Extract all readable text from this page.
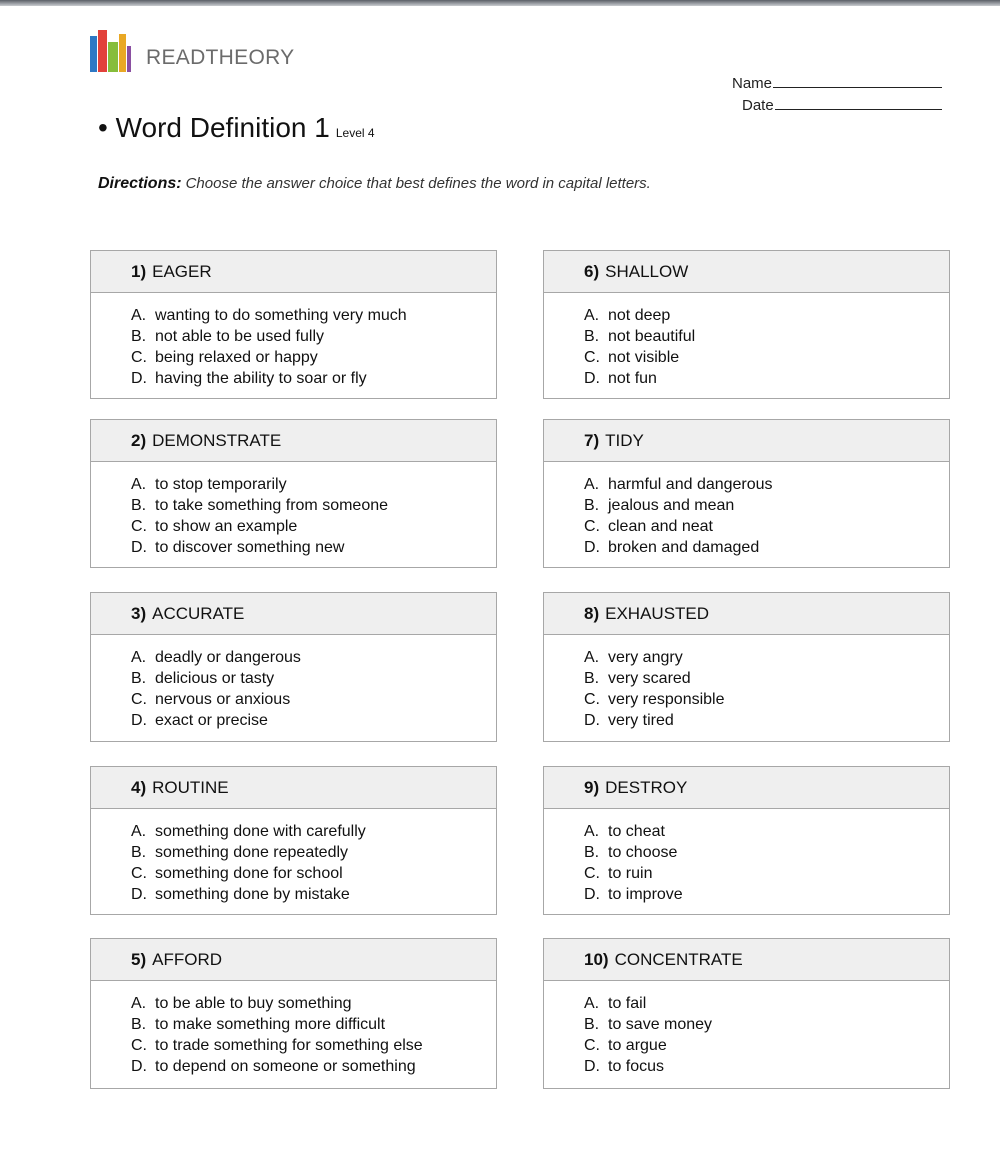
READTHEORY
Name
Date
• Word Definition 1 Level 4
Directions: Choose the answer choice that best defines the word in capital letters.
1) EAGER
A. wanting to do something very much
B. not able to be used fully
C. being relaxed or happy
D. having the ability to soar or fly
2) DEMONSTRATE
A. to stop temporarily
B. to take something from someone
C. to show an example
D. to discover something new
3) ACCURATE
A. deadly or dangerous
B. delicious or tasty
C. nervous or anxious
D. exact or precise
4) ROUTINE
A. something done with carefully
B. something done repeatedly
C. something done for school
D. something done by mistake
5) AFFORD
A. to be able to buy something
B. to make something more difficult
C. to trade something for something else
D. to depend on someone or something
6) SHALLOW
A. not deep
B. not beautiful
C. not visible
D. not fun
7) TIDY
A. harmful and dangerous
B. jealous and mean
C. clean and neat
D. broken and damaged
8) EXHAUSTED
A. very angry
B. very scared
C. very responsible
D. very tired
9) DESTROY
A. to cheat
B. to choose
C. to ruin
D. to improve
10) CONCENTRATE
A. to fail
B. to save money
C. to argue
D. to focus
